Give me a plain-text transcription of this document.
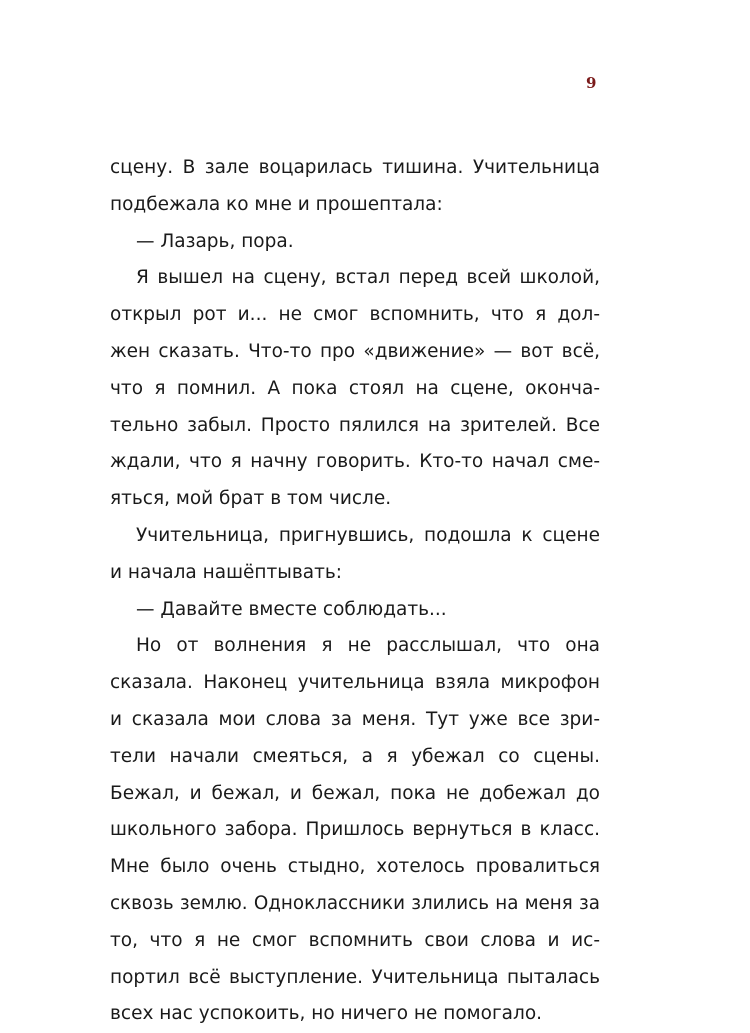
9
сцену. В зале воцарилась тишина. Учительница
подбежала ко мне и прошептала:
— Лазарь, пора.
Я вышел на сцену, встал перед всей школой,
открыл рот и... не смог вспомнить, что я дол-
жен сказать. Что-то про «движение» — вот всё,
что я помнил. А пока стоял на сцене, оконча-
тельно забыл. Просто пялился на зрителей. Все
ждали, что я начну говорить. Кто-то начал сме-
яться, мой брат в том числе.
Учительница, пригнувшись, подошла к сцене
и начала нашёптывать:
— Давайте вместе соблюдать...
Но от волнения я не расслышал, что она
сказала. Наконец учительница взяла микрофон
и сказала мои слова за меня. Тут уже все зри-
тели начали смеяться, а я убежал со сцены.
Бежал, и бежал, и бежал, пока не добежал до
школьного забора. Пришлось вернуться в класс.
Мне было очень стыдно, хотелось провалиться
сквозь землю. Одноклассники злились на меня за
то, что я не смог вспомнить свои слова и ис-
портил всё выступление. Учительница пыталась
всех нас успокоить, но ничего не помогало.
